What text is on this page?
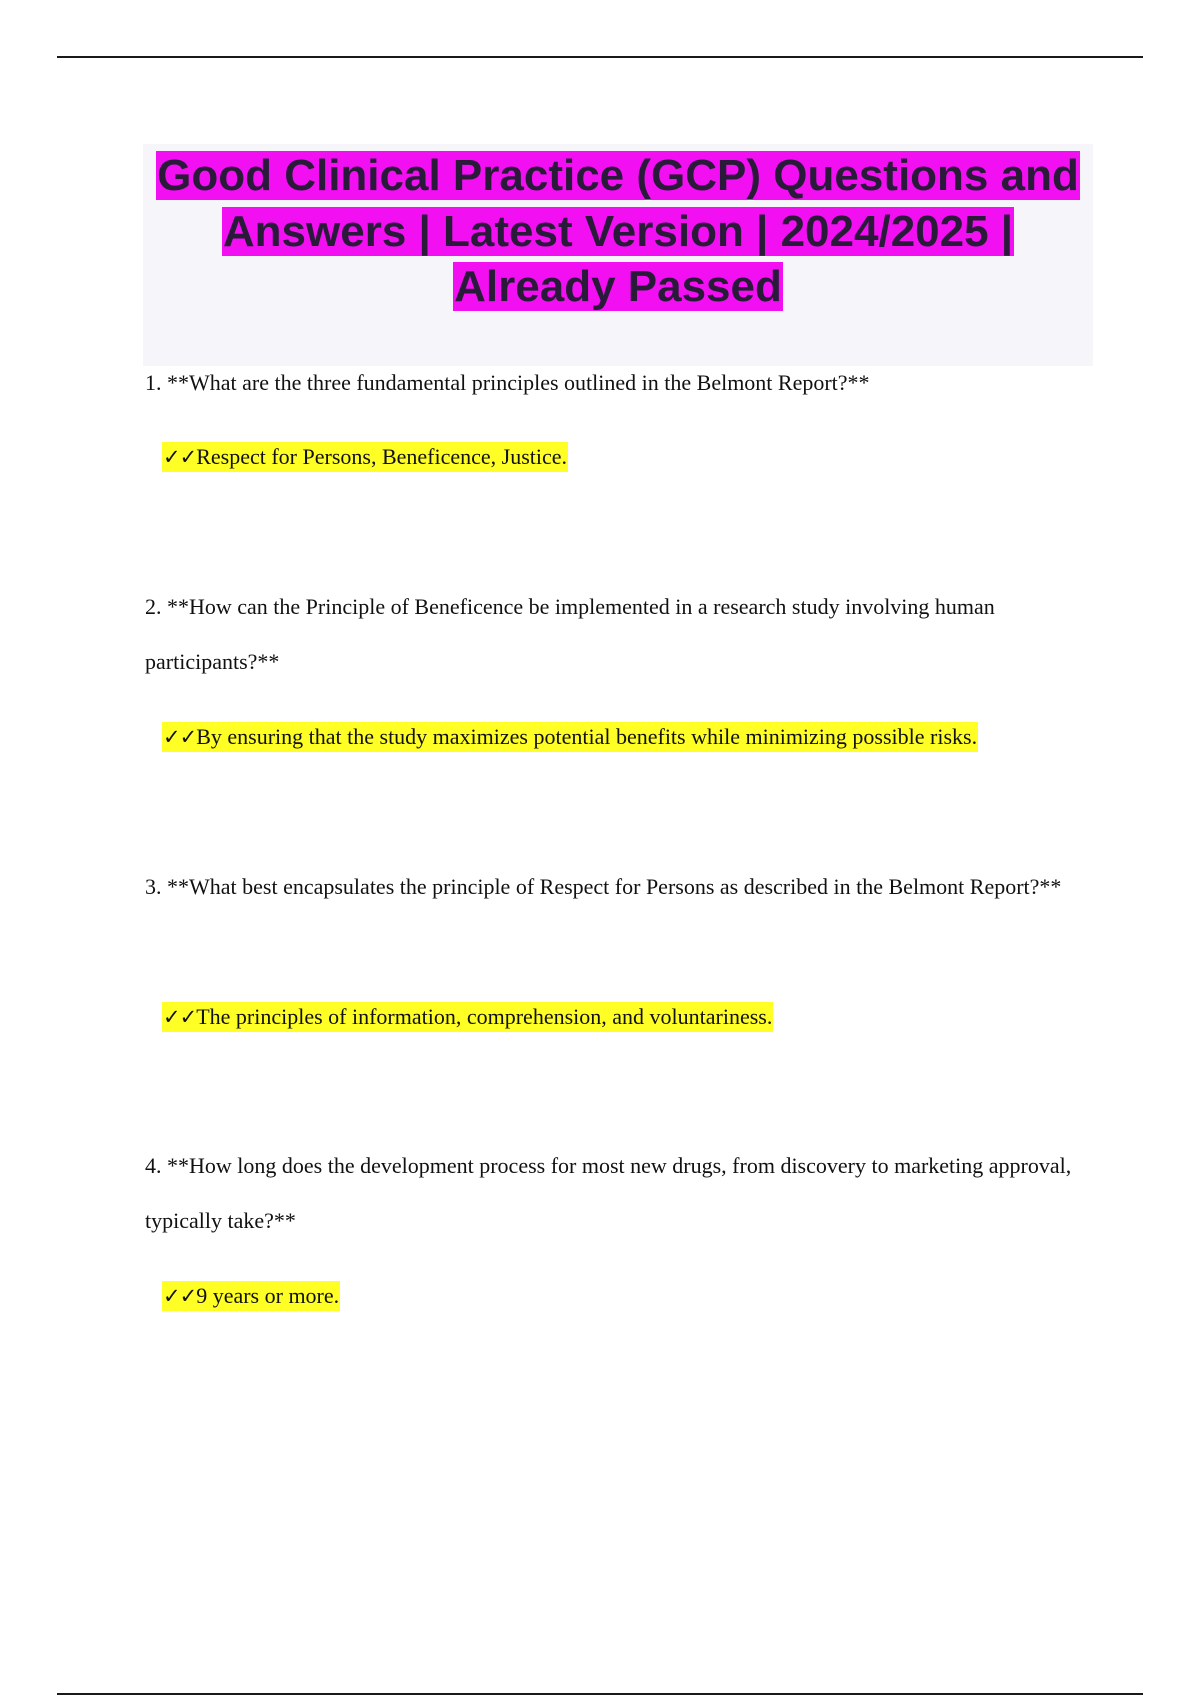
Good Clinical Practice (GCP) Questions and Answers | Latest Version | 2024/2025 | Already Passed

1. **What are the three fundamental principles outlined in the Belmont Report?**

✓✓Respect for Persons, Beneficence, Justice.

2. **How can the Principle of Beneficence be implemented in a research study involving human participants?**

✓✓By ensuring that the study maximizes potential benefits while minimizing possible risks.

3. **What best encapsulates the principle of Respect for Persons as described in the Belmont Report?**

✓✓The principles of information, comprehension, and voluntariness.

4. **How long does the development process for most new drugs, from discovery to marketing approval, typically take?**

✓✓9 years or more.
